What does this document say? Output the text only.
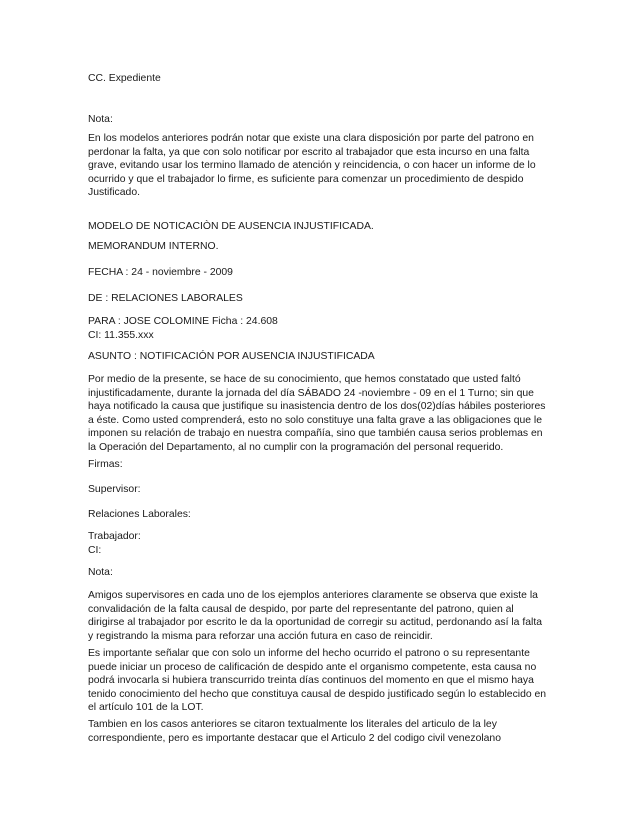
CC. Expediente

Nota:

En los modelos anteriores podrán notar que existe una clara disposición por parte del patrono en
perdonar la falta, ya que con solo notificar por escrito al trabajador que esta incurso en una falta
grave, evitando usar los termino llamado de atención y reincidencia, o con hacer un informe de lo
ocurrido y que el trabajador lo firme, es suficiente para comenzar un procedimiento de despido
Justificado.

MODELO DE NOTICACIÒN DE AUSENCIA INJUSTIFICADA.

MEMORANDUM INTERNO.

FECHA : 24 - noviembre - 2009

DE : RELACIONES LABORALES

PARA : JOSE COLOMINE Ficha : 24.608
CI: 11.355.xxx

ASUNTO : NOTIFICACIÓN POR AUSENCIA INJUSTIFICADA

Por medio de la presente, se hace de su conocimiento, que hemos constatado que usted faltó
injustificadamente, durante la jornada del día SÁBADO 24 -noviembre - 09 en el 1 Turno; sin que
haya notificado la causa que justifique su inasistencia dentro de los dos(02)días hábiles posteriores
a éste. Como usted comprenderá, esto no solo constituye una falta grave a las obligaciones que le
imponen su relación de trabajo en nuestra compañía, sino que también causa serios problemas en
la Operación del Departamento, al no cumplir con la programación del personal requerido.

Firmas:

Supervisor:

Relaciones Laborales:

Trabajador:
CI:

Nota:

Amigos supervisores en cada uno de los ejemplos anteriores claramente se observa que existe la
convalidación de la falta causal de despido, por parte del representante del patrono, quien al
dirigirse al trabajador por escrito le da la oportunidad de corregir su actitud, perdonando así la falta
y registrando la misma para reforzar una acción futura en caso de reincidir.

Es importante señalar que con solo un informe del hecho ocurrido el patrono o su representante
puede iniciar un proceso de calificación de despido ante el organismo competente, esta causa no
podrá invocarla si hubiera transcurrido treinta días continuos del momento en que el mismo haya
tenido conocimiento del hecho que constituya causal de despido justificado según lo establecido en
el artículo 101 de la LOT.

Tambien en los casos anteriores se citaron textualmente los literales del articulo de la ley
correspondiente, pero es importante destacar que el Articulo 2 del codigo civil venezolano
